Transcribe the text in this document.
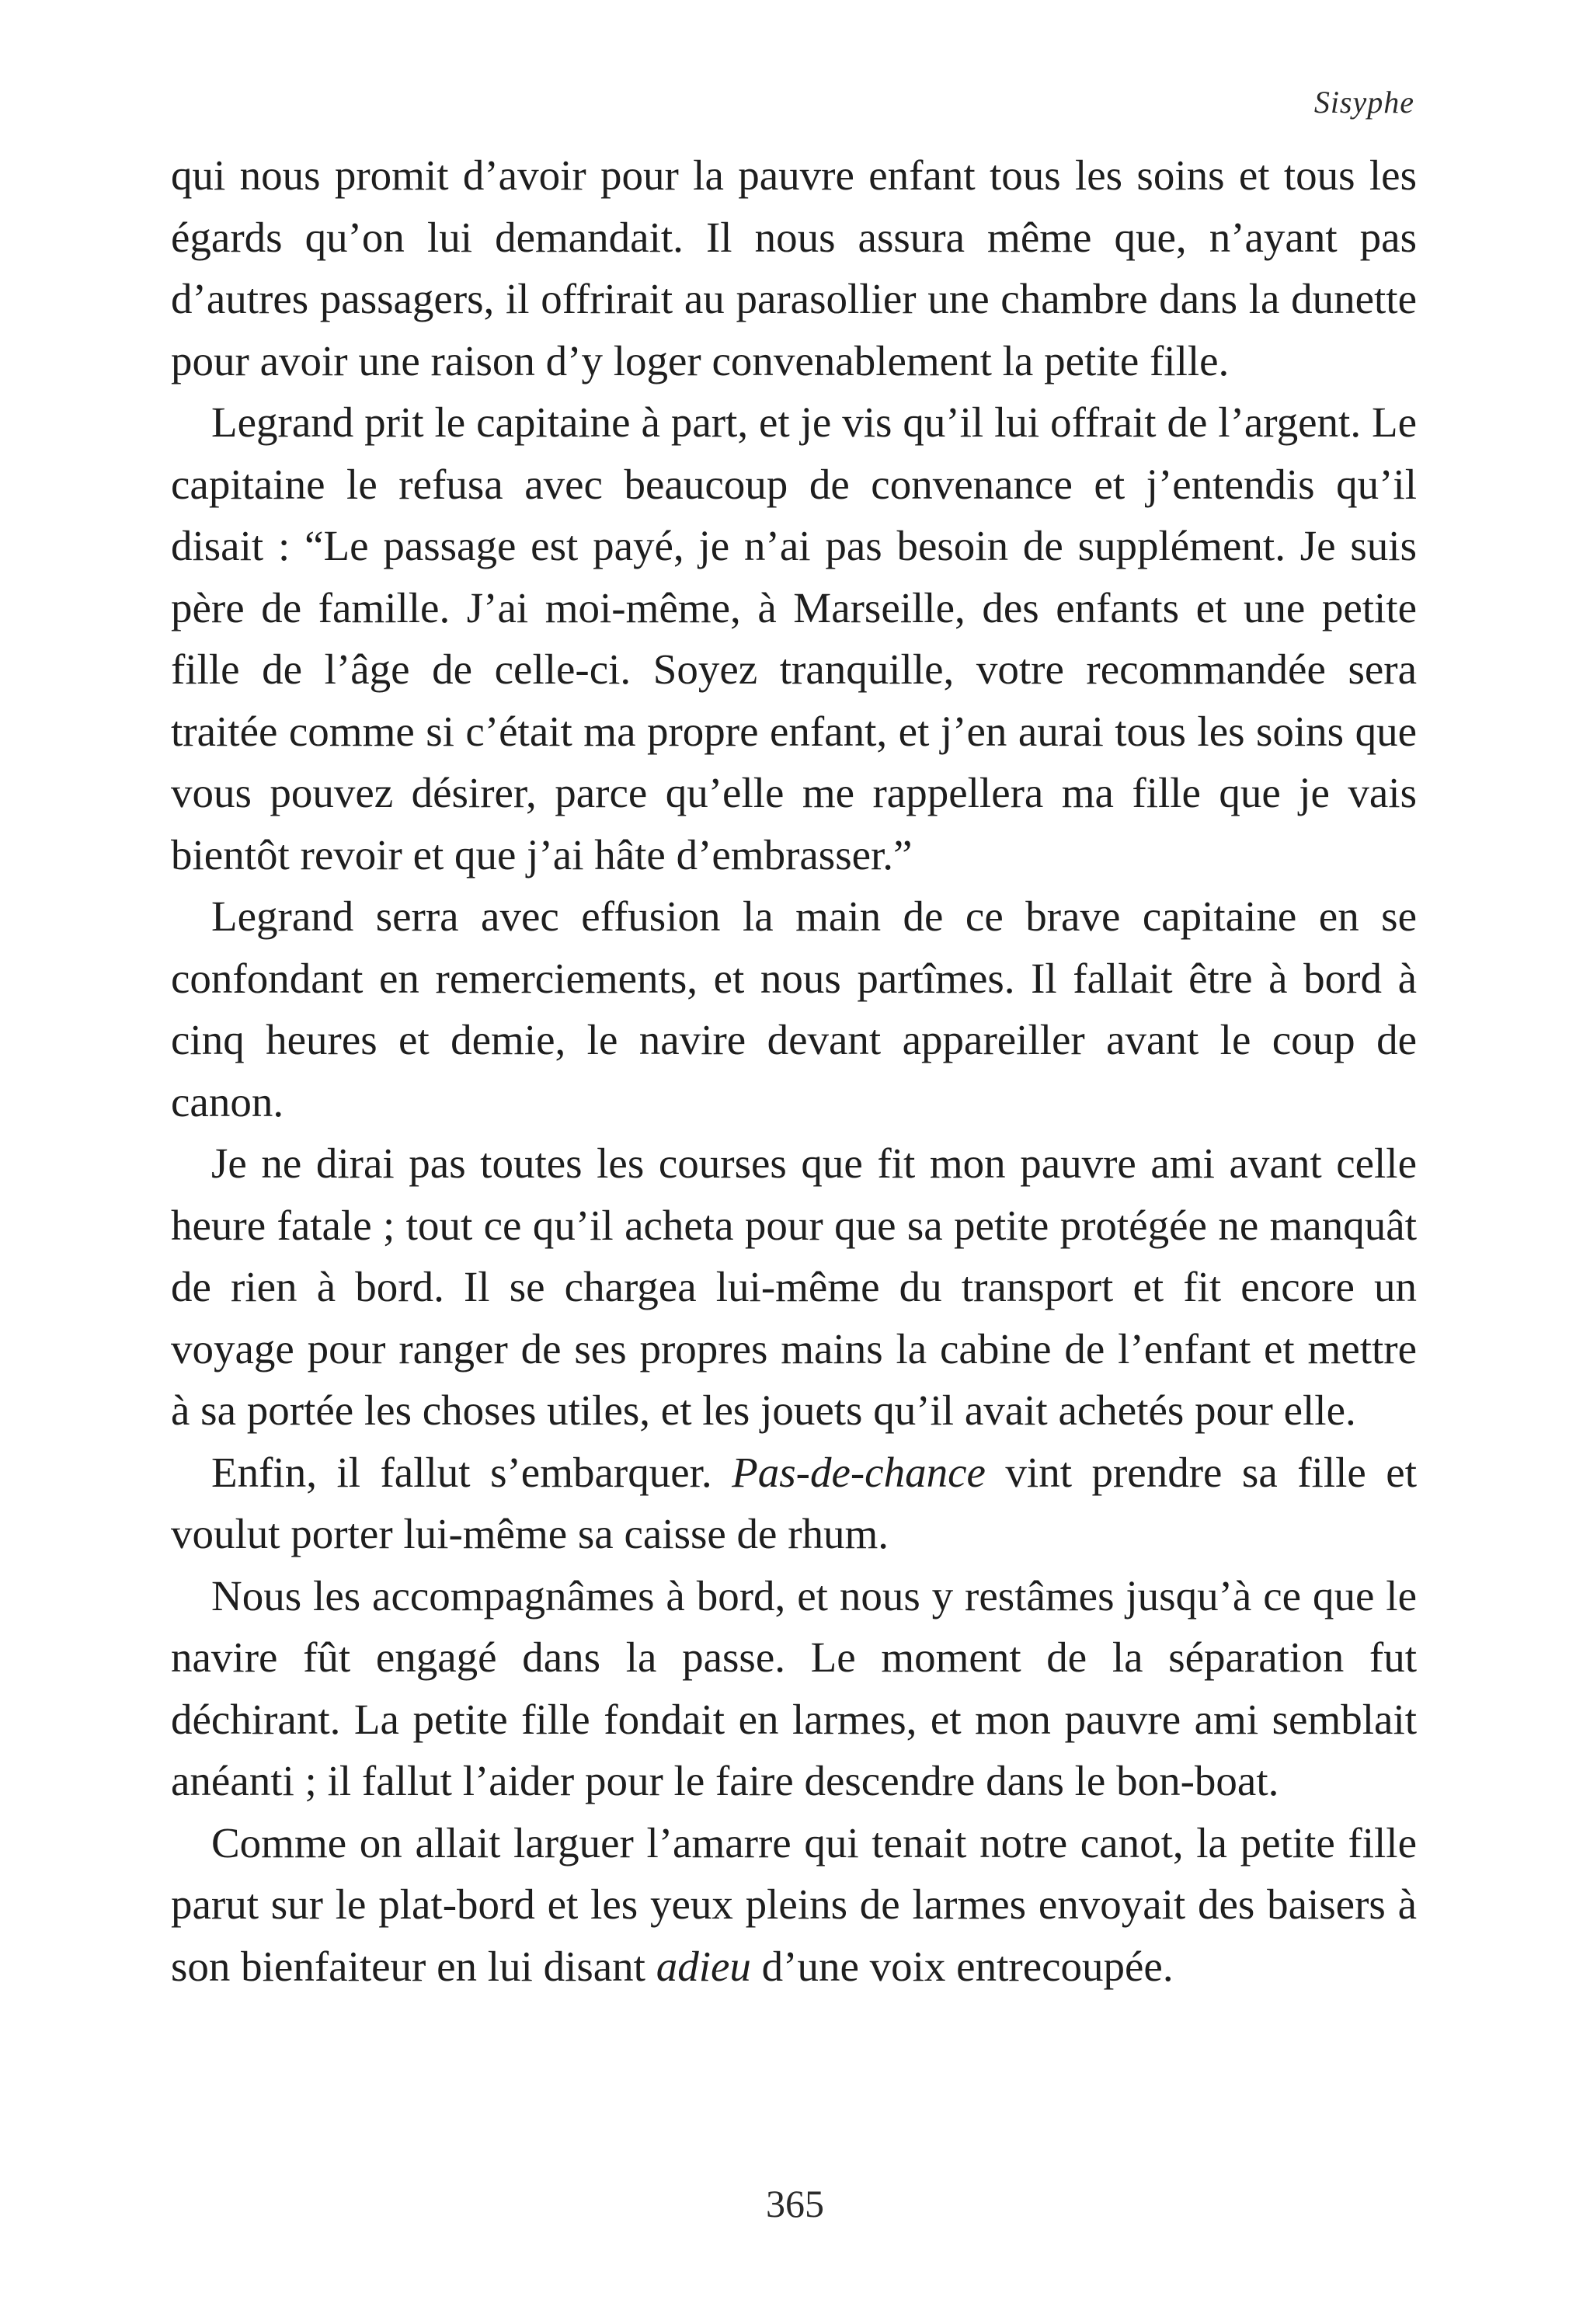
Sisyphe

qui nous promit d’avoir pour la pauvre enfant tous les soins et tous les égards qu’on lui demandait. Il nous assura même que, n’ayant pas d’autres passagers, il offrirait au parasollier une chambre dans la dunette pour avoir une raison d’y loger convenablement la petite fille.

Legrand prit le capitaine à part, et je vis qu’il lui offrait de l’argent. Le capitaine le refusa avec beaucoup de convenance et j’entendis qu’il disait : “Le passage est payé, je n’ai pas besoin de supplément. Je suis père de famille. J’ai moi-même, à Marseille, des enfants et une petite fille de l’âge de celle-ci. Soyez tranquille, votre recommandée sera traitée comme si c’était ma propre enfant, et j’en aurai tous les soins que vous pouvez désirer, parce qu’elle me rappellera ma fille que je vais bientôt revoir et que j’ai hâte d’embrasser.”

Legrand serra avec effusion la main de ce brave capitaine en se confondant en remerciements, et nous partîmes. Il fallait être à bord à cinq heures et demie, le navire devant appareiller avant le coup de canon.

Je ne dirai pas toutes les courses que fit mon pauvre ami avant celle heure fatale ; tout ce qu’il acheta pour que sa petite protégée ne manquât de rien à bord. Il se chargea lui-même du transport et fit encore un voyage pour ranger de ses propres mains la cabine de l’enfant et mettre à sa portée les choses utiles, et les jouets qu’il avait achetés pour elle.

Enfin, il fallut s’embarquer. Pas-de-chance vint prendre sa fille et voulut porter lui-même sa caisse de rhum.

Nous les accompagnâmes à bord, et nous y restâmes jusqu’à ce que le navire fût engagé dans la passe. Le moment de la séparation fut déchirant. La petite fille fondait en larmes, et mon pauvre ami semblait anéanti ; il fallut l’aider pour le faire descendre dans le bon-boat.

Comme on allait larguer l’amarre qui tenait notre canot, la petite fille parut sur le plat-bord et les yeux pleins de larmes envoyait des baisers à son bienfaiteur en lui disant adieu d’une voix entrecoupée.

365
